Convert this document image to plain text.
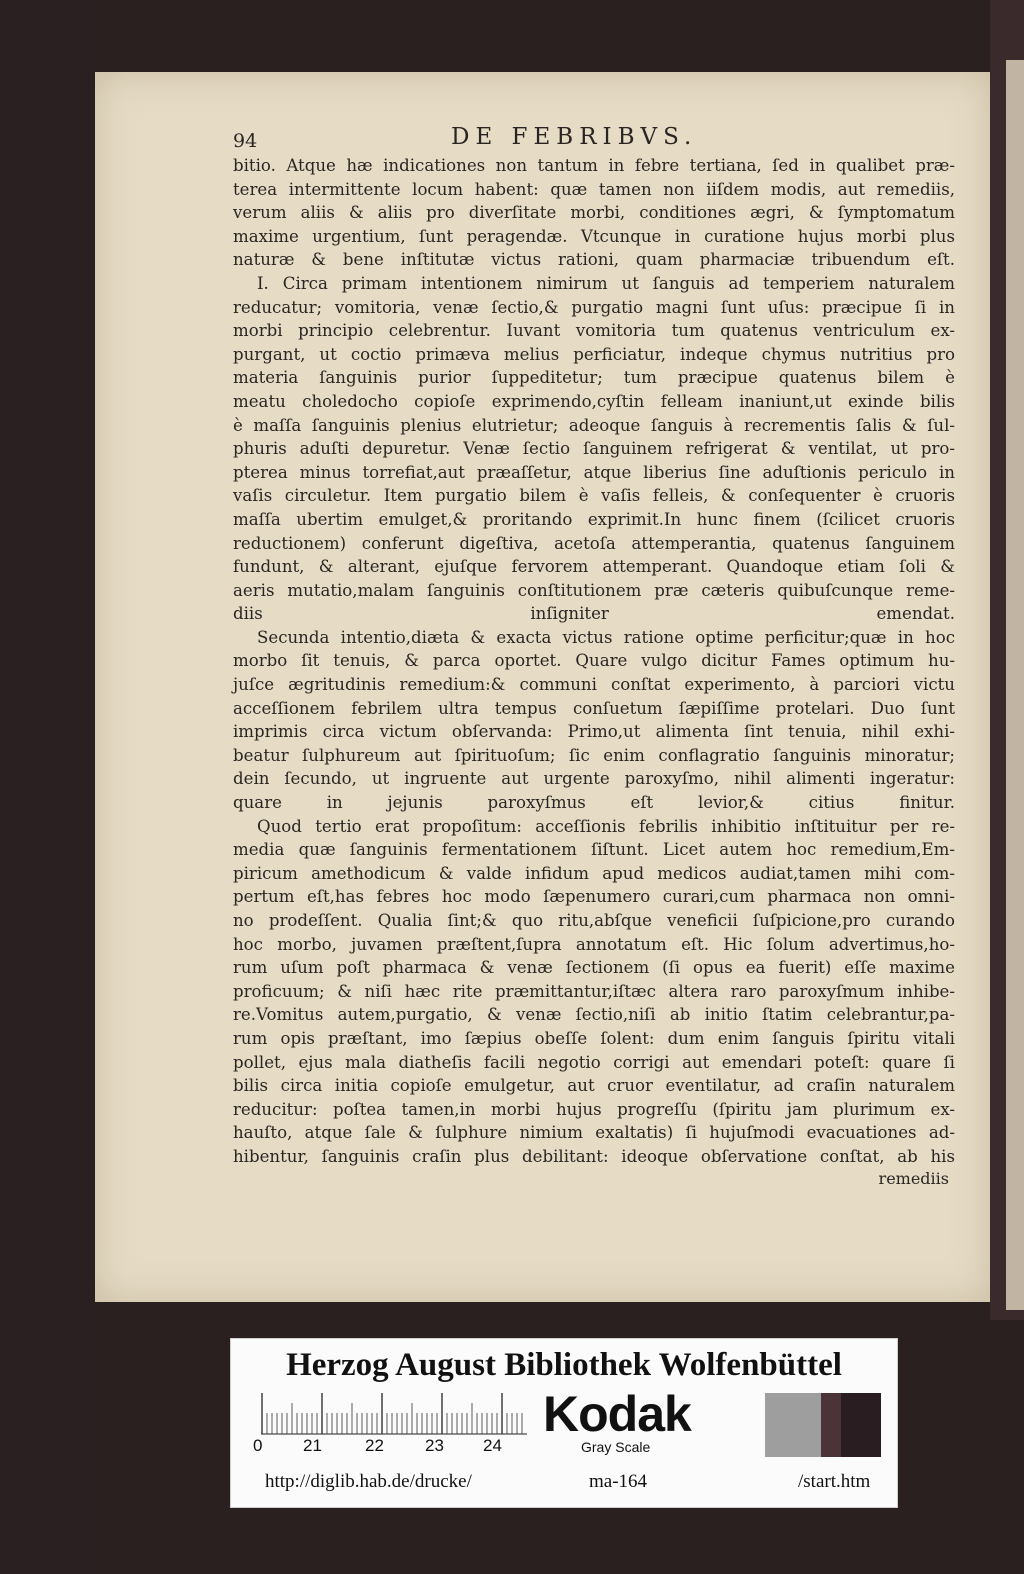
94	DE FEBRIBVS.
bitio. Atque hæ indicationes non tantum in febre tertiana, ſed in qualibet præ-
terea intermittente locum habent: quæ tamen non iiſdem modis, aut remediis,
verum aliis & aliis pro diverſitate morbi, conditiones ægri, & ſymptomatum
maxime urgentium, ſunt peragendæ. Vtcunque in curatione hujus morbi plus
naturæ & bene inſtitutæ victus rationi, quam pharmaciæ tribuendum eſt.
I. Circa primam intentionem nimirum ut ſanguis ad temperiem naturalem
reducatur; vomitoria, venæ ſectio,& purgatio magni ſunt uſus: præcipue ſi in
morbi principio celebrentur. Iuvant vomitoria tum quatenus ventriculum ex-
purgant, ut coctio primæva melius perficiatur, indeque chymus nutritius pro
materia ſanguinis purior ſuppeditetur; tum præcipue quatenus bilem è
meatu choledocho copioſe exprimendo,cyſtin felleam inaniunt,ut exinde bilis
è maſſa ſanguinis plenius elutrietur; adeoque ſanguis à recrementis ſalis & ſul-
phuris aduſti depuretur. Venæ ſectio ſanguinem refrigerat & ventilat, ut pro-
pterea minus torrefiat,aut præaſſetur, atque liberius ſine aduſtionis periculo in
vaſis circuletur. Item purgatio bilem è vaſis felleis, & conſequenter è cruoris
maſſa ubertim emulget,& proritando exprimit.In hunc finem (ſcilicet cruoris
reductionem) conferunt digeſtiva, acetoſa attemperantia, quatenus ſanguinem
fundunt, & alterant, ejuſque fervorem attemperant. Quandoque etiam ſoli &
aeris mutatio,malam ſanguinis conſtitutionem præ cæteris quibuſcunque reme-
diis inſigniter emendat.
Secunda intentio,diæta & exacta victus ratione optime perficitur;quæ in hoc
morbo ſit tenuis, & parca oportet. Quare vulgo dicitur Fames optimum hu-
juſce ægritudinis remedium:& communi conſtat experimento, à parciori victu
acceſſionem febrilem ultra tempus conſuetum ſæpiſſime protelari. Duo ſunt
imprimis circa victum obſervanda: Primo,ut alimenta ſint tenuia, nihil exhi-
beatur ſulphureum aut ſpirituoſum; ſic enim conflagratio ſanguinis minoratur;
dein ſecundo, ut ingruente aut urgente paroxyſmo, nihil alimenti ingeratur:
quare in jejunis paroxyſmus eſt levior,& citius finitur.
Quod tertio erat propoſitum: acceſſionis febrilis inhibitio inſtituitur per re-
media quæ ſanguinis fermentationem ſiſtunt. Licet autem hoc remedium,Em-
piricum amethodicum & valde infidum apud medicos audiat,tamen mihi com-
pertum eſt,has febres hoc modo ſæpenumero curari,cum pharmaca non omni-
no prodeſſent. Qualia ſint;& quo ritu,abſque veneficii ſuſpicione,pro curando
hoc morbo, juvamen præſtent,ſupra annotatum eſt. Hic ſolum advertimus,ho-
rum uſum poſt pharmaca & venæ ſectionem (ſi opus ea fuerit) eſſe maxime
proficuum; & niſi hæc rite præmittantur,iſtæc altera raro paroxyſmum inhibe-
re.Vomitus autem,purgatio, & venæ ſectio,niſi ab initio ſtatim celebrantur,pa-
rum opis præſtant, imo ſæpius obeſſe ſolent: dum enim ſanguis ſpiritu vitali
pollet, ejus mala diatheſis facili negotio corrigi aut emendari poteſt: quare ſi
bilis circa initia copioſe emulgetur, aut cruor eventilatur, ad craſin naturalem
reducitur: poſtea tamen,in morbi hujus progreſſu (ſpiritu jam plurimum ex-
hauſto, atque ſale & ſulphure nimium exaltatis) ſi hujuſmodi evacuationes ad-
hibentur, ſanguinis craſin plus debilitant: ideoque obſervatione conſtat, ab his
remediis
Herzog August Bibliothek Wolfenbüttel
0 21	22 23 24
Kodak
Gray Scale
http://diglib.hab.de/drucke/	ma-164	/start.htm
